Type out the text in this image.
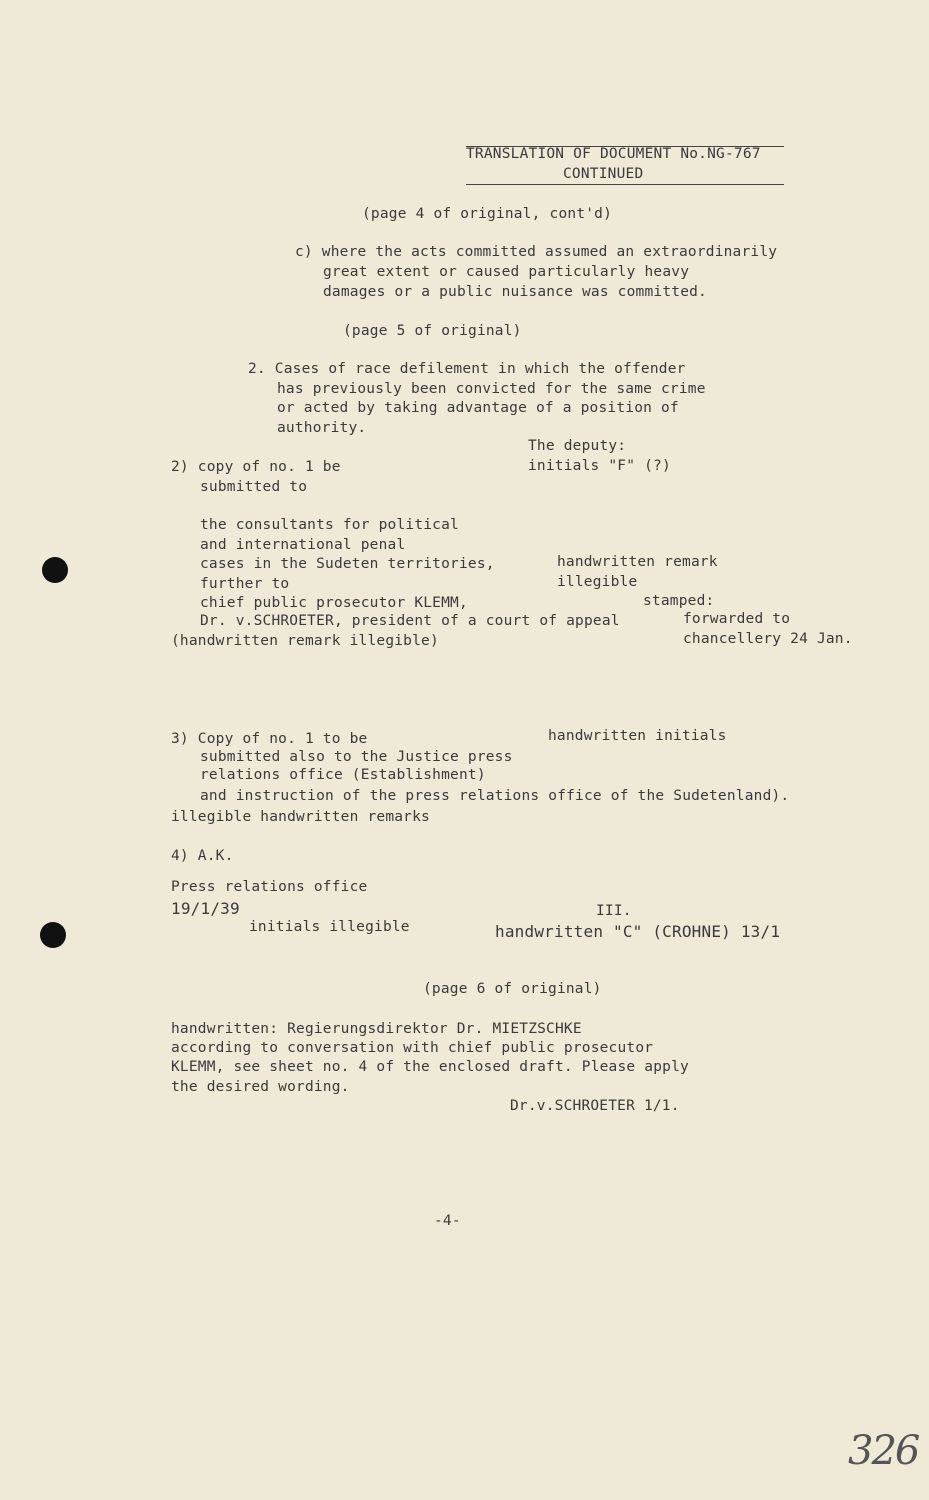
TRANSLATION OF DOCUMENT No.NG-767
CONTINUED
(page 4 of original, cont'd)
c) where the acts committed assumed an extraordinarily
great extent or caused particularly heavy
damages or a public nuisance was committed.
(page 5 of original)
2. Cases of race defilement in which the offender
has previously been convicted for the same crime
or acted by taking advantage of a position of
authority.
The deputy:
initials "F" (?)
2) copy of no. 1 be
submitted to
the consultants for political
and international penal
cases in the Sudeten territories,
further to
chief public prosecutor KLEMM,
Dr. v.SCHROETER, president of a court of appeal
(handwritten remark illegible)
handwritten remark
illegible
stamped:
forwarded to
chancellery 24 Jan.
3) Copy of no. 1 to be
submitted also to the Justice press
relations office (Establishment)
and instruction of the press relations office of the Sudetenland).
illegible handwritten remarks
handwritten initials
4) A.K.
Press relations office
19/1/39
initials illegible
III.
handwritten "C" (CROHNE) 13/1
(page 6 of original)
handwritten: Regierungsdirektor Dr. MIETZSCHKE
according to conversation with chief public prosecutor
KLEMM, see sheet no. 4 of the enclosed draft. Please apply
the desired wording.
Dr.v.SCHROETER 1/1.
-4-
326
